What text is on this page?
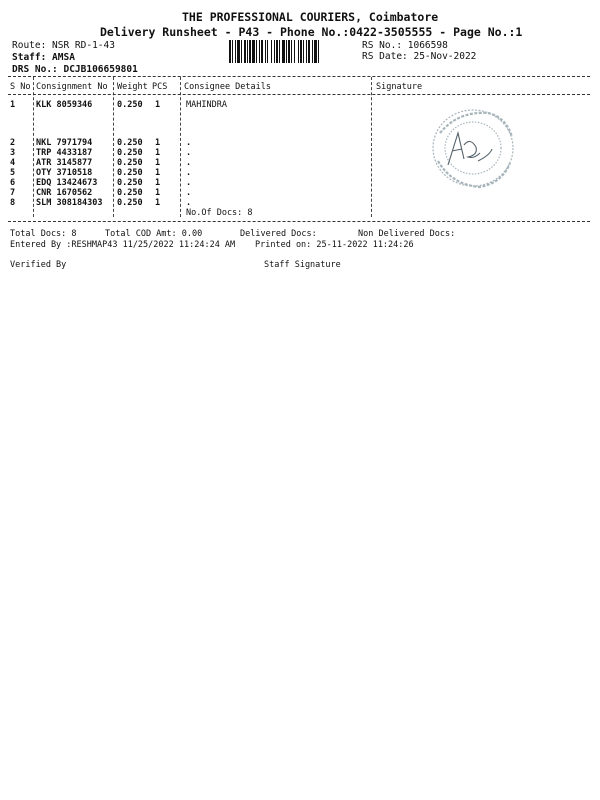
THE PROFESSIONAL COURIERS, Coimbatore
Delivery Runsheet - P43 - Phone No.:0422-3505555 - Page No.:1
Route: NSR RD-1-43
Staff: AMSA
DRS No.: DCJB106659801
RS No.: 1066598
RS Date: 25-Nov-2022
S No Consignment No Weight PCS Consignee Details	Signature
1 KLK 8059346	0.250 1	MAHINDRA
2 NKL 7971794	0.250 1	.
3 TRP 4433187	0.250 1	.
4 ATR 3145877	0.250 1	.
5 OTY 3710518	0.250 1	.
6 EDQ 13424673 0.250 1	.
7 CNR 1670562	0.250 1	.
8 SLM 308184303 0.250 1	.
No.Of Docs: 8
Total Docs: 8	Total COD Amt: 0.00	Delivered Docs:	Non Delivered Docs:
Entered By :RESHMAP43 11/25/2022 11:24:24 AM Printed on: 25-11-2022 11:24:26
Verified By	Staff Signature
